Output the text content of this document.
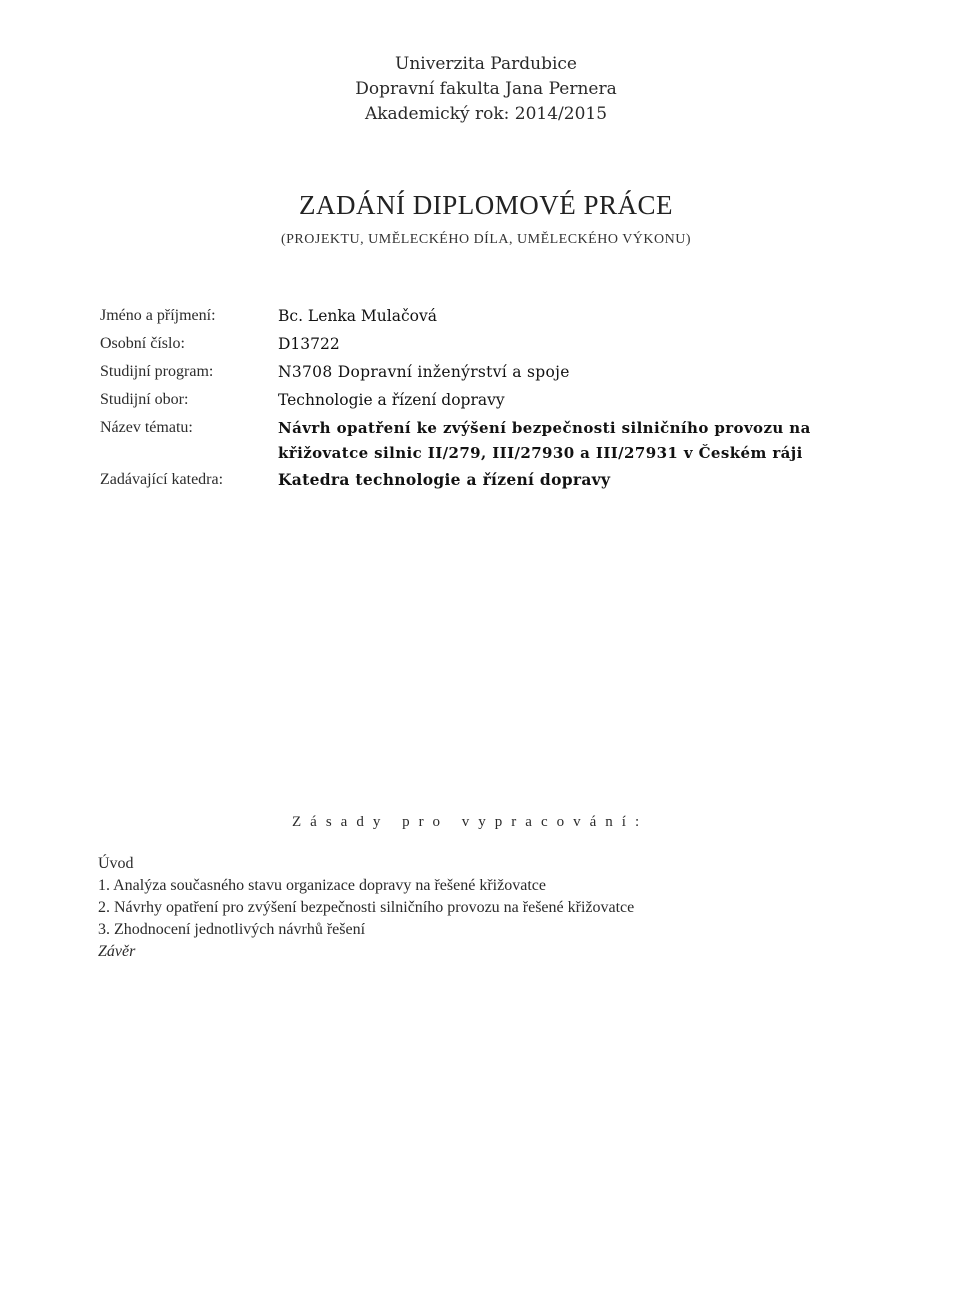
Univerzita Pardubice
Dopravní fakulta Jana Pernera
Akademický rok: 2014/2015
ZADÁNÍ DIPLOMOVÉ PRÁCE
(PROJEKTU, UMĚLECKÉHO DÍLA, UMĚLECKÉHO VÝKONU)
Jméno a příjmení:	Bc. Lenka Mulačová
Osobní číslo:	D13722
Studijní program:	N3708 Dopravní inženýrství a spoje
Studijní obor:	Technologie a řízení dopravy
Název tématu:	Návrh opatření ke zvýšení bezpečnosti silničního provozu na křižovatce silnic II/279, III/27930 a III/27931 v Českém ráji
Zadávající katedra:	Katedra technologie a řízení dopravy
Zásady pro vypracování:
Úvod
1. Analýza současného stavu organizace dopravy na řešené křižovatce
2. Návrhy opatření pro zvýšení bezpečnosti silničního provozu na řešené křižovatce
3. Zhodnocení jednotlivých návrhů řešení
Závěr
